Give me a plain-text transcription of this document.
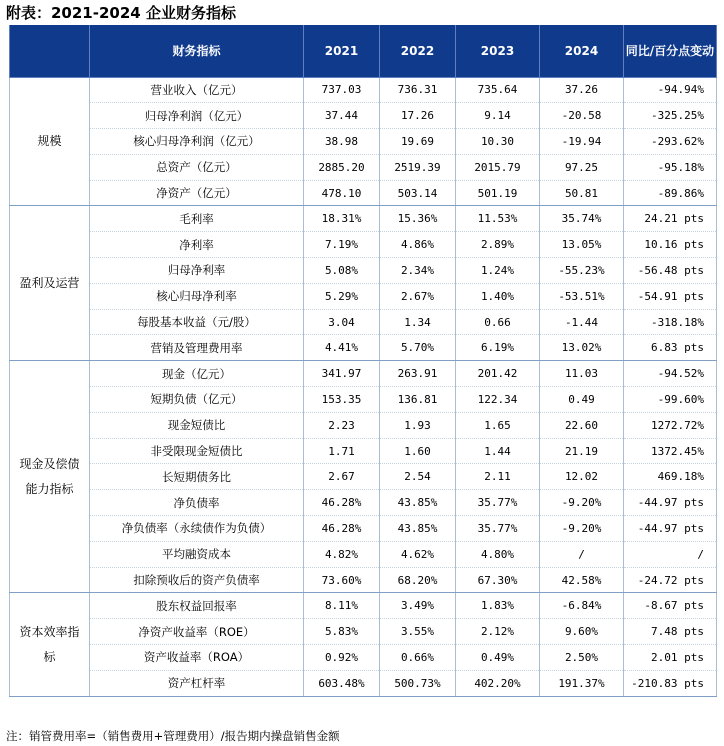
附表：2021-2024 企业财务指标
	财务指标	2021	2022	2023	2024	同比/百分点变动
规模	营业收入（亿元）	737.03	736.31	735.64	37.26	-94.94%
	归母净利润（亿元）	37.44	17.26	9.14	-20.58	-325.25%
	核心归母净利润（亿元）	38.98	19.69	10.30	-19.94	-293.62%
	总资产（亿元）	2885.20	2519.39	2015.79	97.25	-95.18%
	净资产（亿元）	478.10	503.14	501.19	50.81	-89.86%
盈利及运营	毛利率	18.31%	15.36%	11.53%	35.74%	24.21 pts
	净利率	7.19%	4.86%	2.89%	13.05%	10.16 pts
	归母净利率	5.08%	2.34%	1.24%	-55.23%	-56.48 pts
	核心归母净利率	5.29%	2.67%	1.40%	-53.51%	-54.91 pts
	每股基本收益（元/股）	3.04	1.34	0.66	-1.44	-318.18%
	营销及管理费用率	4.41%	5.70%	6.19%	13.02%	6.83 pts
现金及偿债能力指标	现金（亿元）	341.97	263.91	201.42	11.03	-94.52%
	短期负债（亿元）	153.35	136.81	122.34	0.49	-99.60%
	现金短债比	2.23	1.93	1.65	22.60	1272.72%
	非受限现金短债比	1.71	1.60	1.44	21.19	1372.45%
	长短期债务比	2.67	2.54	2.11	12.02	469.18%
	净负债率	46.28%	43.85%	35.77%	-9.20%	-44.97 pts
	净负债率（永续债作为负债）	46.28%	43.85%	35.77%	-9.20%	-44.97 pts
	平均融资成本	4.82%	4.62%	4.80%	/	/
	扣除预收后的资产负债率	73.60%	68.20%	67.30%	42.58%	-24.72 pts
资本效率指标	股东权益回报率	8.11%	3.49%	1.83%	-6.84%	-8.67 pts
	净资产收益率（ROE）	5.83%	3.55%	2.12%	9.60%	7.48 pts
	资产收益率（ROA）	0.92%	0.66%	0.49%	2.50%	2.01 pts
	资产杠杆率	603.48%	500.73%	402.20%	191.37%	-210.83 pts
注：销管费用率=（销售费用+管理费用）/报告期内操盘销售金额
